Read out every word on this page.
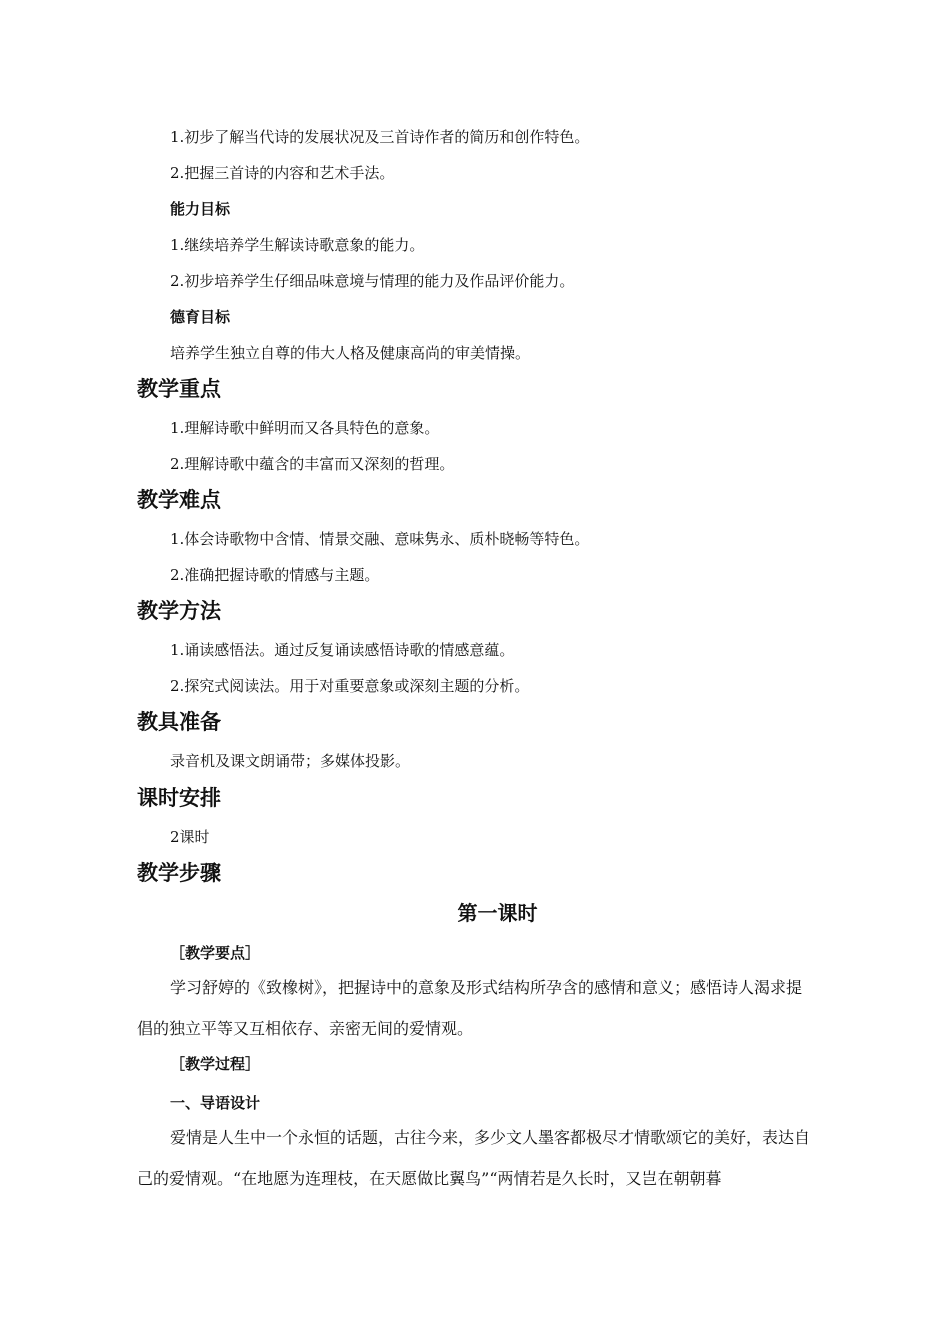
1.初步了解当代诗的发展状况及三首诗作者的简历和创作特色。
2.把握三首诗的内容和艺术手法。
能力目标
1.继续培养学生解读诗歌意象的能力。
2.初步培养学生仔细品味意境与情理的能力及作品评价能力。
德育目标
培养学生独立自尊的伟大人格及健康高尚的审美情操。
教学重点
1.理解诗歌中鲜明而又各具特色的意象。
2.理解诗歌中蕴含的丰富而又深刻的哲理。
教学难点
1.体会诗歌物中含情、情景交融、意味隽永、质朴晓畅等特色。
2.准确把握诗歌的情感与主题。
教学方法
1.诵读感悟法。通过反复诵读感悟诗歌的情感意蕴。
2.探究式阅读法。用于对重要意象或深刻主题的分析。
教具准备
录音机及课文朗诵带；多媒体投影。
课时安排
2课时
教学步骤
第一课时
［教学要点］
学习舒婷的《致橡树》，把握诗中的意象及形式结构所孕含的感情和意义；感悟诗人渴求提倡的独立平等又互相依存、亲密无间的爱情观。
［教学过程］
一、导语设计
爱情是人生中一个永恒的话题，古往今来，多少文人墨客都极尽才情歌颂它的美好，表达自己的爱情观。“在地愿为连理枝，在天愿做比翼鸟”“两情若是久长时，又岂在朝朝暮
